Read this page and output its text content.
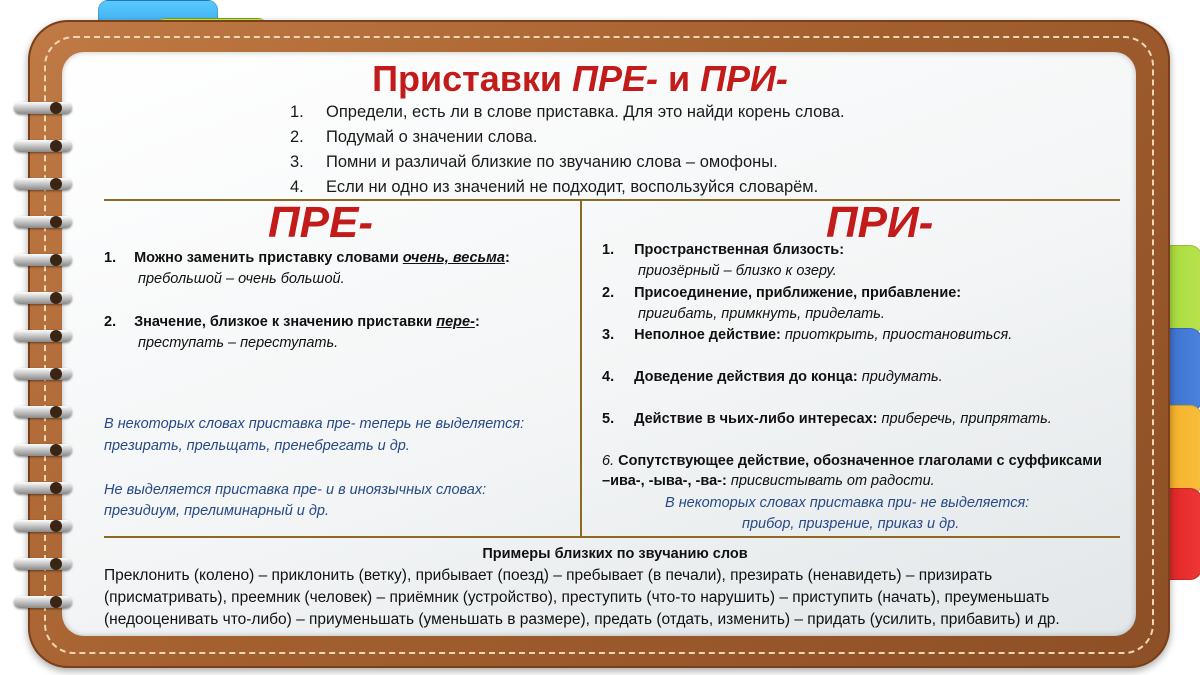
Приставки ПРЕ- и ПРИ-
1. Определи, есть ли в слове приставка. Для это найди корень слова.
2. Подумай о значении слова.
3. Помни и различай близкие по звучанию слова – омофоны.
4. Если ни одно из значений не подходит, воспользуйся словарём.
ПРЕ-
1. Можно заменить приставку словами очень, весьма:
пребольшой – очень большой.
2. Значение, близкое к значению приставки пере-:
преступать – переступать.
В некоторых словах приставка пре- теперь не выделяется:
презирать, прельщать, пренебрегать и др.
Не выделяется приставка пре- и в иноязычных словах:
президиум, прелиминарный и др.
ПРИ-
1. Пространственная близость:
приозёрный – близко к озеру.
2. Присоединение, приближение, прибавление:
пригибать, примкнуть, приделать.
3. Неполное действие: приоткрыть, приостановиться.
4. Доведение действия до конца: придумать.
5. Действие в чьих-либо интересах: приберечь, припрятать.
6. Сопутствующее действие, обозначенное глаголами с суффиксами
–ива-, -ыва-, -ва-: присвистывать от радости.
В некоторых словах приставка при- не выделяется:
прибор, призрение, приказ и др.
Примеры близких по звучанию слов
Преклонить (колено) – приклонить (ветку), прибывает (поезд) – пребывает (в печали), презирать (ненавидеть) – призирать
(присматривать), преемник (человек) – приёмник (устройство), преступить (что-то нарушить) – приступить (начать), преуменьшать
(недооценивать что-либо) – приуменьшать (уменьшать в размере), предать (отдать, изменить) – придать (усилить, прибавить) и др.
